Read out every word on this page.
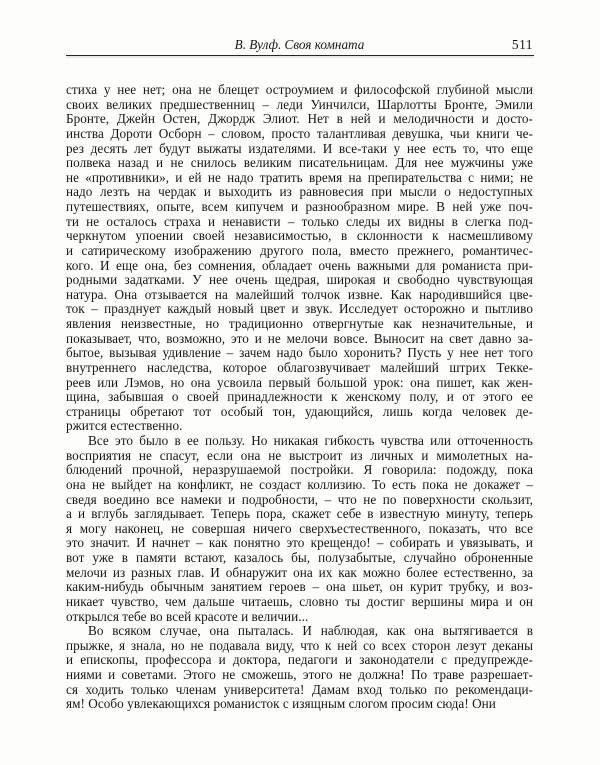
В. Вулф. Своя комната	511
стиха у нее нет; она не блещет остроумием и философской глубиной мысли
своих великих предшественниц – леди Уинчилси, Шарлотты Бронте, Эмили
Бронте, Джейн Остен, Джордж Элиот. Нет в ней и мелодичности и досто-
инства Дороти Осборн – словом, просто талантливая девушка, чьи книги че-
рез десять лет будут выжаты издателями. И все-таки у нее есть то, что еще
полвека назад и не снилось великим писательницам. Для нее мужчины уже
не «противники», и ей не надо тратить время на препирательства с ними; не
надо лезть на чердак и выходить из равновесия при мысли о недоступных
путешествиях, опыте, всем кипучем и разнообразном мире. В ней уже поч-
ти не осталось страха и ненависти – только следы их видны в слегка под-
черкнутом упоении своей независимостью, в склонности к насмешливому
и сатирическому изображению другого пола, вместо прежнего, романтичес-
кого. И еще она, без сомнения, обладает очень важными для романиста при-
родными задатками. У нее очень щедрая, широкая и свободно чувствующая
натура. Она отзывается на малейший толчок извне. Как народившийся цве-
ток – празднует каждый новый цвет и звук. Исследует осторожно и пытливо
явления неизвестные, но традиционно отвергнутые как незначительные, и
показывает, что, возможно, это и не мелочи вовсе. Выносит на свет давно за-
бытое, вызывая удивление – зачем надо было хоронить? Пусть у нее нет того
внутреннего наследства, которое облагозвучивает малейший штрих Текке-
реев или Лэмов, но она усвоила первый большой урок: она пишет, как жен-
щина, забывшая о своей принадлежности к женскому полу, и от этого ее
страницы обретают тот особый тон, удающийся, лишь когда человек де-
ржится естественно.
Все это было в ее пользу. Но никакая гибкость чувства или отточенность
восприятия не спасут, если она не выстроит из личных и мимолетных на-
блюдений прочной, неразрушаемой постройки. Я говорила: подожду, пока
она не выйдет на конфликт, не создаст коллизию. То есть пока не докажет –
сведя воедино все намеки и подробности, – что не по поверхности скользит,
а и вглубь заглядывает. Теперь пора, скажет себе в известную минуту, теперь
я могу наконец, не совершая ничего сверхъестественного, показать, что все
это значит. И начнет – как понятно это крещендо! – собирать и увязывать, и
вот уже в памяти встают, казалось бы, полузабытые, случайно оброненные
мелочи из разных глав. И обнаружит она их как можно более естественно, за
каким-нибудь обычным занятием героев – она шьет, он курит трубку, и воз-
никает чувство, чем дальше читаешь, словно ты достиг вершины мира и он
открылся тебе во всей красоте и величии...
Во всяком случае, она пыталась. И наблюдая, как она вытягивается в
прыжке, я знала, но не подавала виду, что к ней со всех сторон лезут деканы
и епископы, профессора и доктора, педагоги и законодатели с предупрежде-
ниями и советами. Этого не сможешь, этого не должна! По траве разрешает-
ся ходить только членам университета! Дамам вход только по рекомендаци-
ям! Особо увлекающихся романисток с изящным слогом просим сюда! Они
